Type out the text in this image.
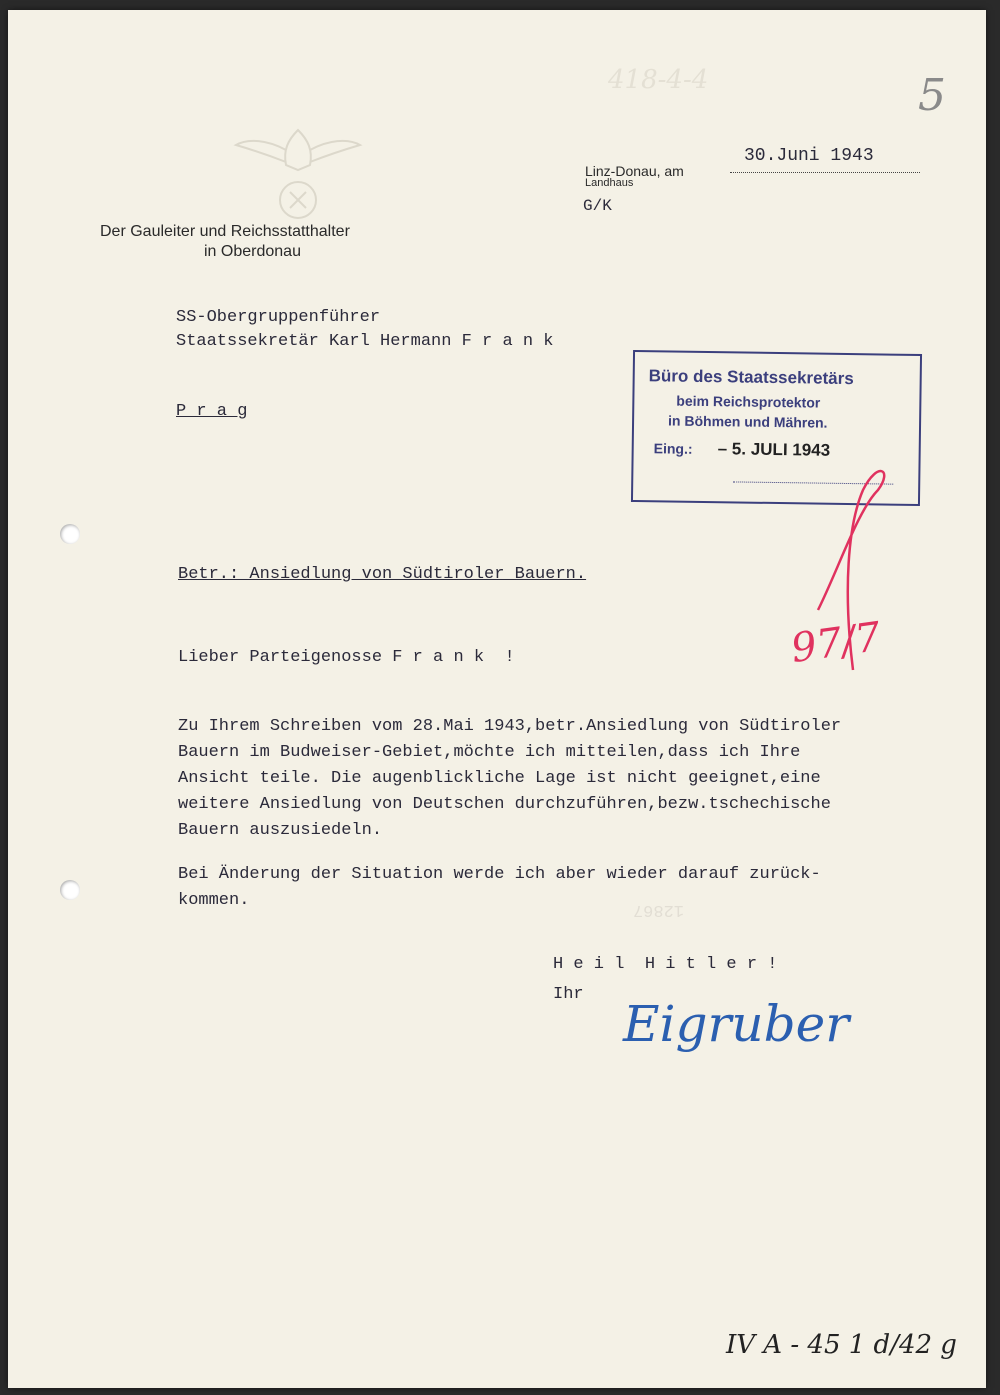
418-4-4	5
Linz-Donau, am
30.Juni 1943
Landhaus
G/K
Der Gauleiter und Reichsstatthalter
in Oberdonau
SS-Obergruppenführer
Staatssekretär Karl Hermann F r a n k
P r a g
Büro des Staatssekretärs
beim Reichsprotektor
in Böhmen und Mähren.
Eing.: – 5. JULI 1943
97/7
Betr.: Ansiedlung von Südtiroler Bauern.
Lieber Parteigenosse F r a n k  !
Zu Ihrem Schreiben vom 28.Mai 1943,betr.Ansiedlung von Südtiroler
Bauern im Budweiser-Gebiet,möchte ich mitteilen,dass ich Ihre
Ansicht teile. Die augenblickliche Lage ist nicht geeignet,eine
weitere Ansiedlung von Deutschen durchzuführen,bezw.tschechische
Bauern auszusiedeln.
Bei Änderung der Situation werde ich aber wieder darauf zurück-
kommen.	12867
H e i l  H i t l e r !
Ihr
Eigruber
IV A - 45 1 d/42 g
